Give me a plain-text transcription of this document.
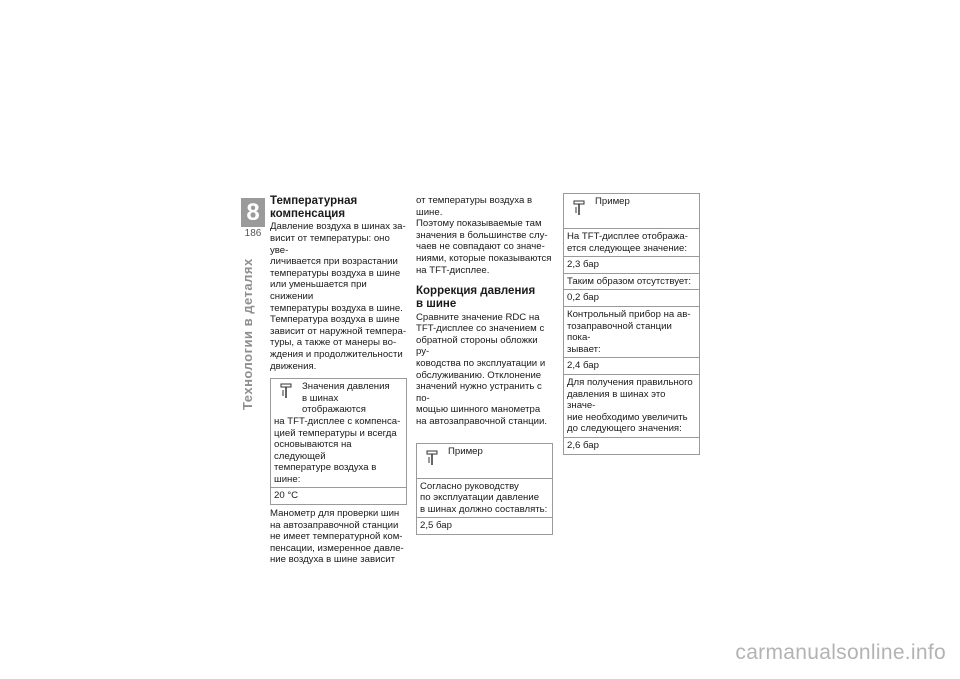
8
186
Технологии в деталях
Температурная
компенсация
Давление воздуха в шинах за-
висит от температуры: оно уве-
личивается при возрастании
температуры воздуха в шине
или уменьшается при снижении
температуры воздуха в шине.
Температура воздуха в шине
зависит от наружной темпера-
туры, а также от манеры во-
ждения и продолжительности
движения.
Значения давления
в шинах отображаются
на TFT-дисплее с компенса-
цией температуры и всегда
основываются на следующей
температуре воздуха в шине:
20 °C
Манометр для проверки шин
на автозаправочной станции
не имеет температурной ком-
пенсации, измеренное давле-
ние воздуха в шине зависит
от температуры воздуха в шине.
Поэтому показываемые там
значения в большинстве слу-
чаев не совпадают со значе-
ниями, которые показываются
на TFT-дисплее.
Коррекция давления
в шине
Сравните значение RDC на
TFT-дисплее со значением с
обратной стороны обложки ру-
ководства по эксплуатации и
обслуживанию. Отклонение
значений нужно устранить с по-
мощью шинного манометра
на автозаправочной станции.
Пример
Согласно руководству
по эксплуатации давление
в шинах должно составлять:
2,5 бар
Пример
На TFT-дисплее отобража-
ется следующее значение:
2,3 бар
Таким образом отсутствует:
0,2 бар
Контрольный прибор на ав-
тозаправочной станции пока-
зывает:
2,4 бар
Для получения правильного
давления в шинах это значе-
ние необходимо увеличить
до следующего значения:
2,6 бар
carmanualsonline.info
